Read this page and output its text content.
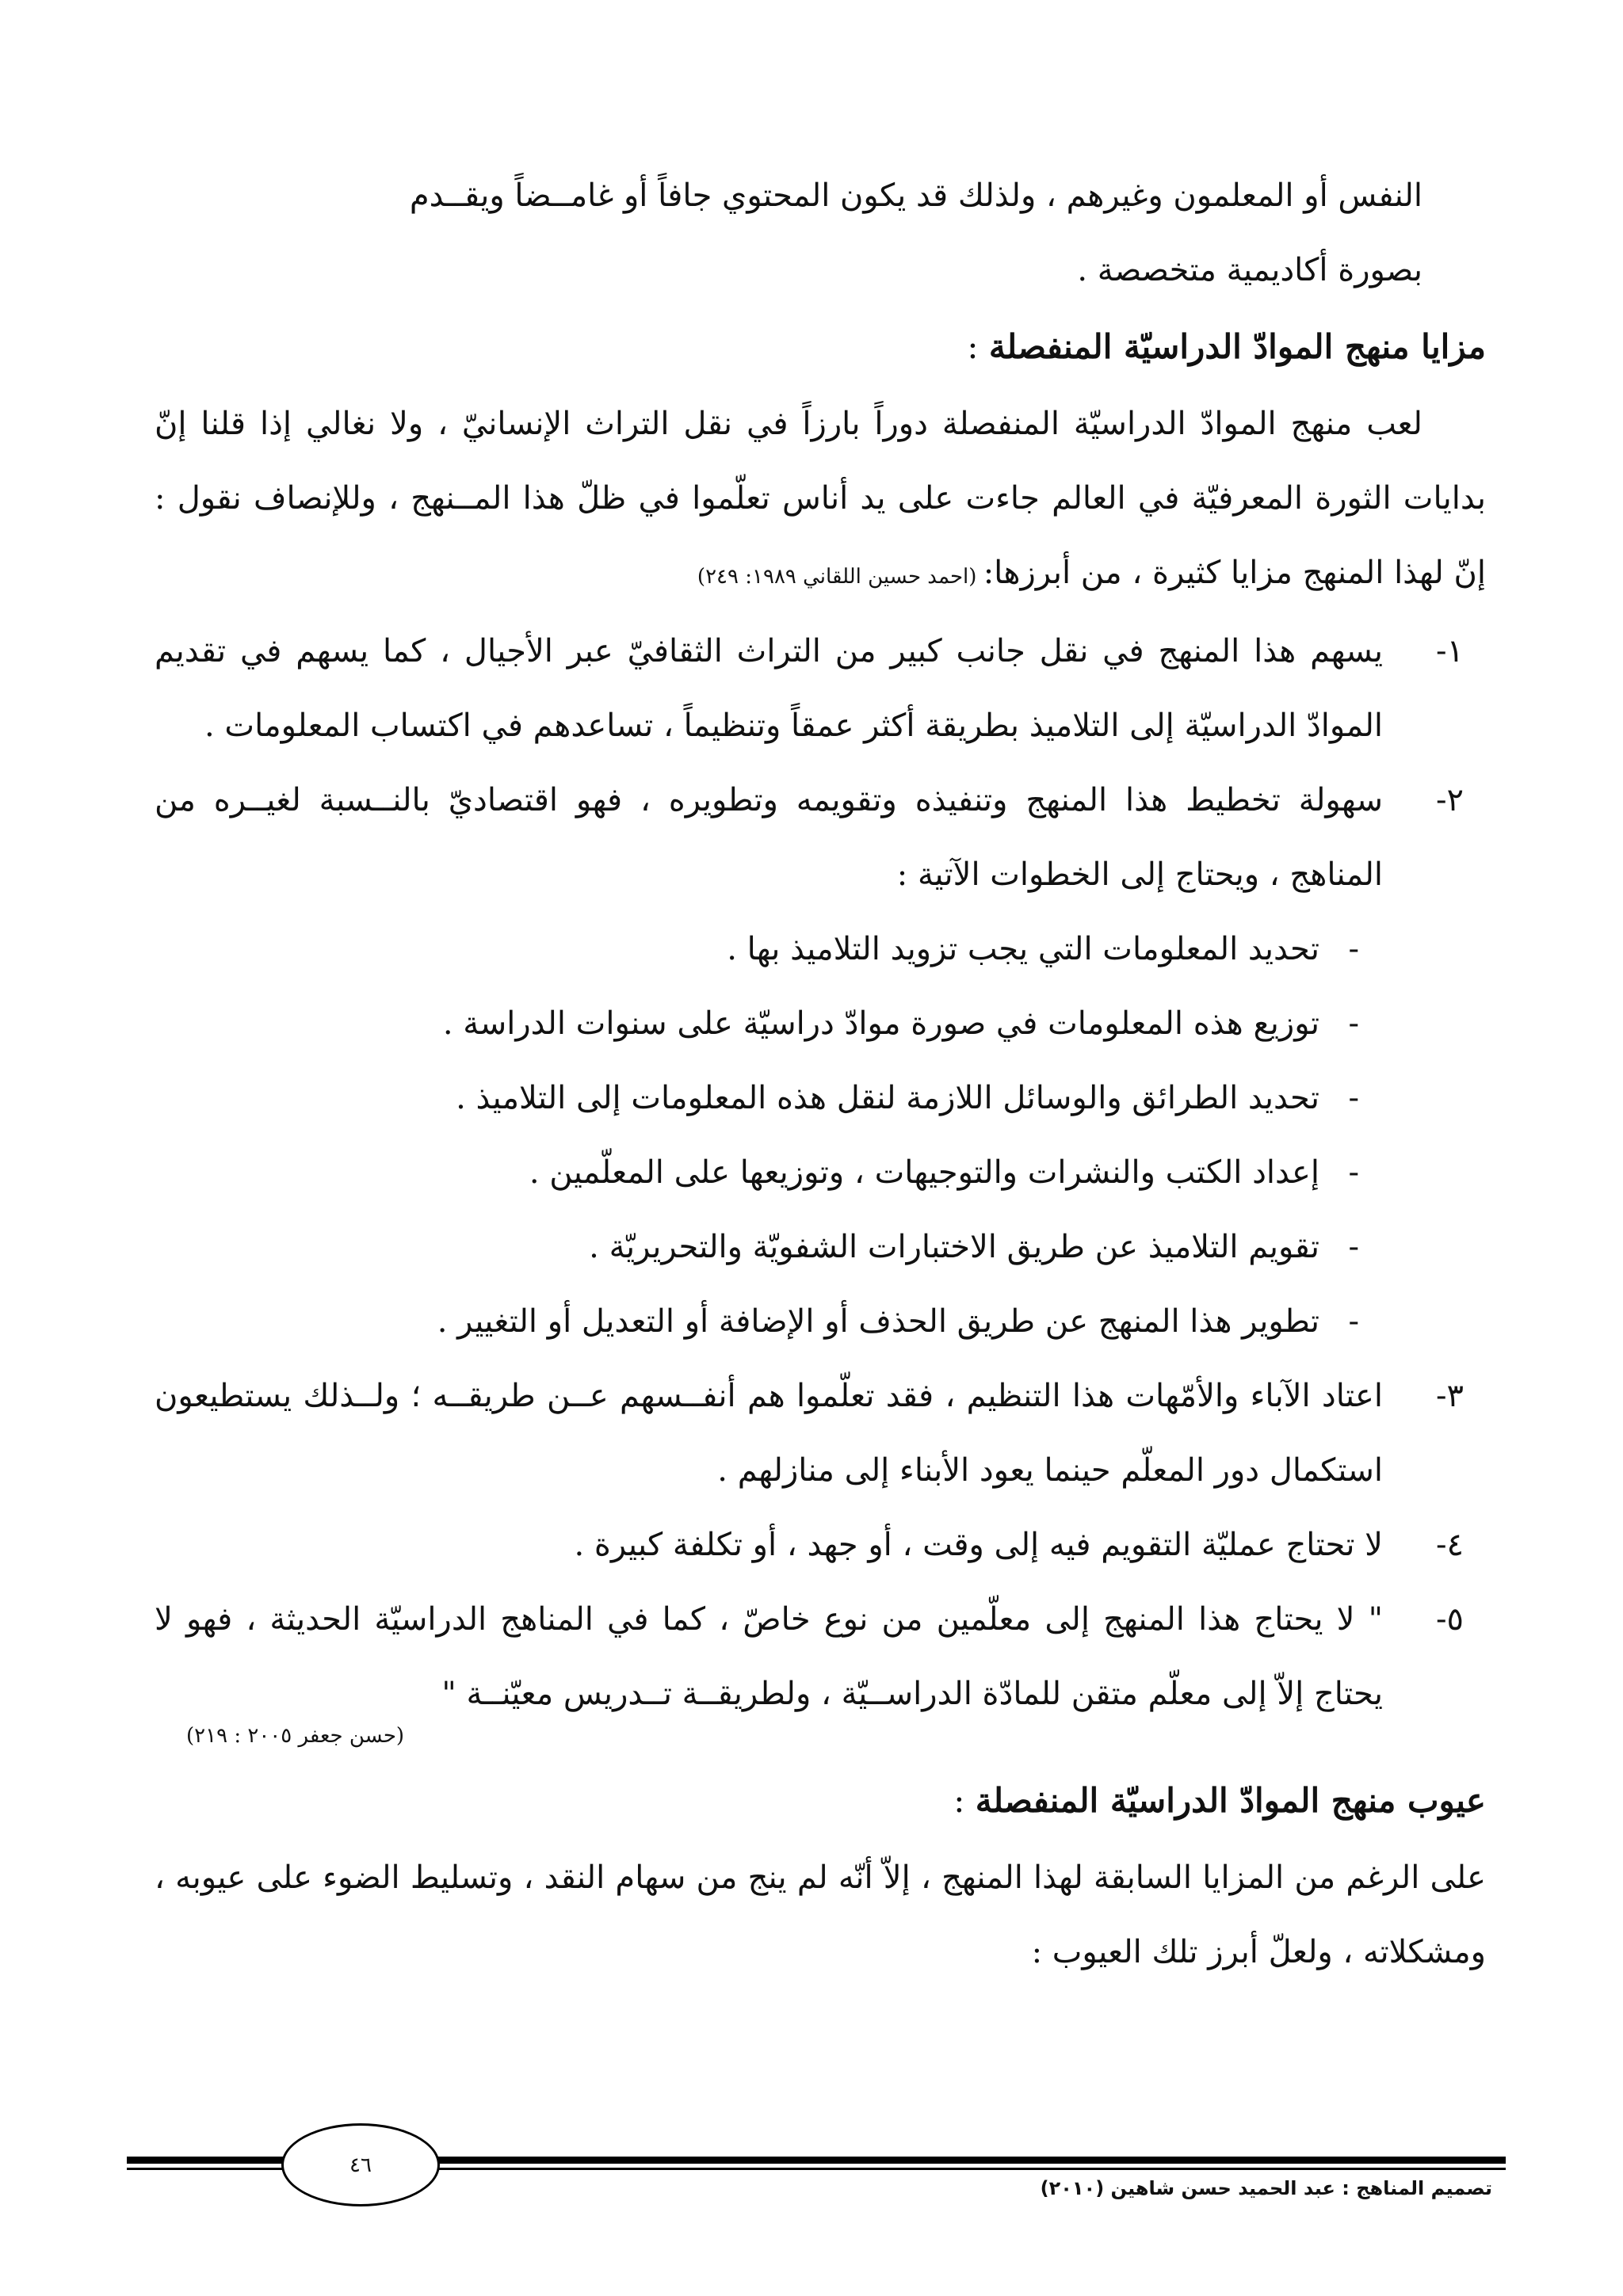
النفس أو المعلمون وغيرهم ، ولذلك قد يكون المحتوي جافاً أو غامــضاً ويقــدم

بصورة أكاديمية متخصصة .

مزايا منهج الموادّ الدراسيّة المنفصلة :

لعب منهج الموادّ الدراسيّة المنفصلة دوراً بارزاً في نقل التراث الإنسانيّ ، ولا نغالي إذا قلنا إنّ بدايات الثورة المعرفيّة في العالم جاءت على يد أناس تعلّموا في ظلّ هذا المــنهج ، وللإنصاف نقول : إنّ لهذا المنهج مزايا كثيرة ، من أبرزها: (احمد حسين اللقاني ١٩٨٩: ٢٤٩)

١-
يسهم هذا المنهج في نقل جانب كبير من التراث الثقافيّ عبر الأجيال ، كما يسهم في تقديم الموادّ الدراسيّة إلى التلاميذ بطريقة أكثر عمقاً وتنظيماً ، تساعدهم في اكتساب المعلومات .
٢-
سهولة تخطيط هذا المنهج وتنفيذه وتقويمه وتطويره ، فهو اقتصاديّ بالنــسبة لغيــره من المناهج ، ويحتاج إلى الخطوات الآتية :
-تحديد المعلومات التي يجب تزويد التلاميذ بها .
-توزيع هذه المعلومات في صورة موادّ دراسيّة على سنوات الدراسة .
-تحديد الطرائق والوسائل اللازمة لنقل هذه المعلومات إلى التلاميذ .
-إعداد الكتب والنشرات والتوجيهات ، وتوزيعها على المعلّمين .
-تقويم التلاميذ عن طريق الاختبارات الشفويّة والتحريريّة .
-تطوير هذا المنهج عن طريق الحذف أو الإضافة أو التعديل أو التغيير .
٣-
اعتاد الآباء والأمّهات هذا التنظيم ، فقد تعلّموا هم أنفــسهم عــن طريقــه ؛ ولــذلك يستطيعون استكمال دور المعلّم حينما يعود الأبناء إلى منازلهم .
٤-
لا تحتاج عمليّة التقويم فيه إلى وقت ، أو جهد ، أو تكلفة كبيرة .
٥-
" لا يحتاج هذا المنهج إلى معلّمين من نوع خاصّ ، كما في المناهج الدراسيّة الحديثة ، فهو لا يحتاج إلاّ إلى معلّم متقن للمادّة الدراســيّة ، ولطريقــة تــدريس معيّنــة "
(حسن جعفر ٢٠٠٥ : ٢١٩)

عيوب منهج الموادّ الدراسيّة المنفصلة :

على الرغم من المزايا السابقة لهذا المنهج ، إلاّ أنّه لم ينج من سهام النقد ، وتسليط الضوء على عيوبه ، ومشكلاته ، ولعلّ أبرز تلك العيوب :

٤٦
تصميم المناهج : عبد الحميد حسن شاهين (٢٠١٠)
